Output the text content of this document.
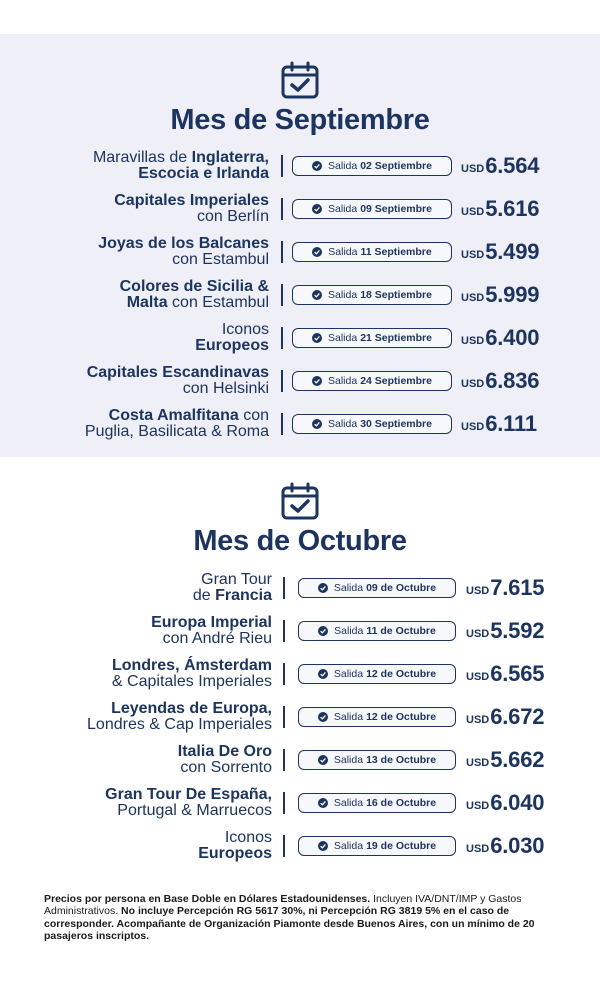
Mes de Septiembre
Maravillas de Inglaterra,
Escocia e Irlanda	Salida 02 Septiembre	USD6.564
Capitales Imperiales
con Berlín	Salida 09 Septiembre	USD5.616
Joyas de los Balcanes
con Estambul	Salida 11 Septiembre	USD5.499
Colores de Sicilia &
Malta con Estambul	Salida 18 Septiembre	USD5.999
Iconos
Europeos	Salida 21 Septiembre	USD6.400
Capitales Escandinavas
con Helsinki	Salida 24 Septiembre	USD6.836
Costa Amalfitana con
Puglia, Basilicata & Roma	Salida 30 Septiembre	USD6.111
Mes de Octubre
Gran Tour
de Francia	Salida 09 de Octubre	USD7.615
Europa Imperial
con André Rieu	Salida 11 de Octubre	USD5.592
Londres, Ámsterdam
& Capitales Imperiales	Salida 12 de Octubre	USD6.565
Leyendas de Europa,
Londres & Cap Imperiales	Salida 12 de Octubre	USD6.672
Italia De Oro
con Sorrento	Salida 13 de Octubre	USD5.662
Gran Tour De España,
Portugal & Marruecos	Salida 16 de Octubre	USD6.040
Iconos
Europeos	Salida 19 de Octubre	USD6.030
Precios por persona en Base Doble en Dólares Estadounidenses. Incluyen IVA/DNT/IMP y Gastos Administrativos. No incluye Percepción RG 5617 30%, ni Percepción RG 3819 5% en el caso de corresponder. Acompañante de Organización Piamonte desde Buenos Aires, con un mínimo de 20 pasajeros inscriptos.
